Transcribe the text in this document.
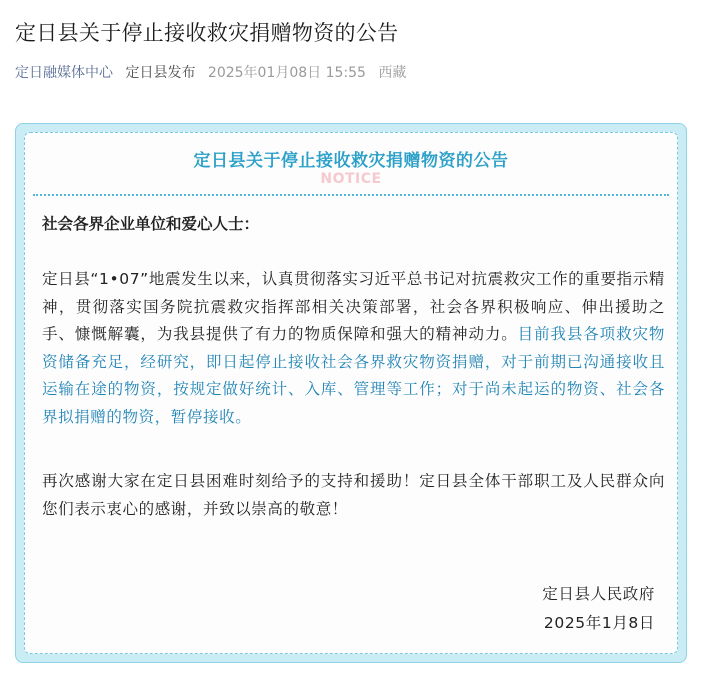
定日县关于停止接收救灾捐赠物资的公告
定日融媒体中心 定日县发布 2025年01月08日 15:55 西藏
NOTICE
定日县关于停止接收救灾捐赠物资的公告
社会各界企业单位和爱心人士：

定日县“1•07”地震发生以来，认真贯彻落实习近平总书记对抗震救灾工作的重要指示精神，贯彻落实国务院抗震救灾指挥部相关决策部署，社会各界积极响应、伸出援助之手、慷慨解囊，为我县提供了有力的物质保障和强大的精神动力。目前我县各项救灾物资储备充足，经研究，即日起停止接收社会各界救灾物资捐赠，对于前期已沟通接收且运输在途的物资，按规定做好统计、入库、管理等工作；对于尚未起运的物资、社会各界拟捐赠的物资，暂停接收。

再次感谢大家在定日县困难时刻给予的支持和援助！定日县全体干部职工及人民群众向您们表示衷心的感谢，并致以崇高的敬意！

定日县人民政府
2025年1月8日
